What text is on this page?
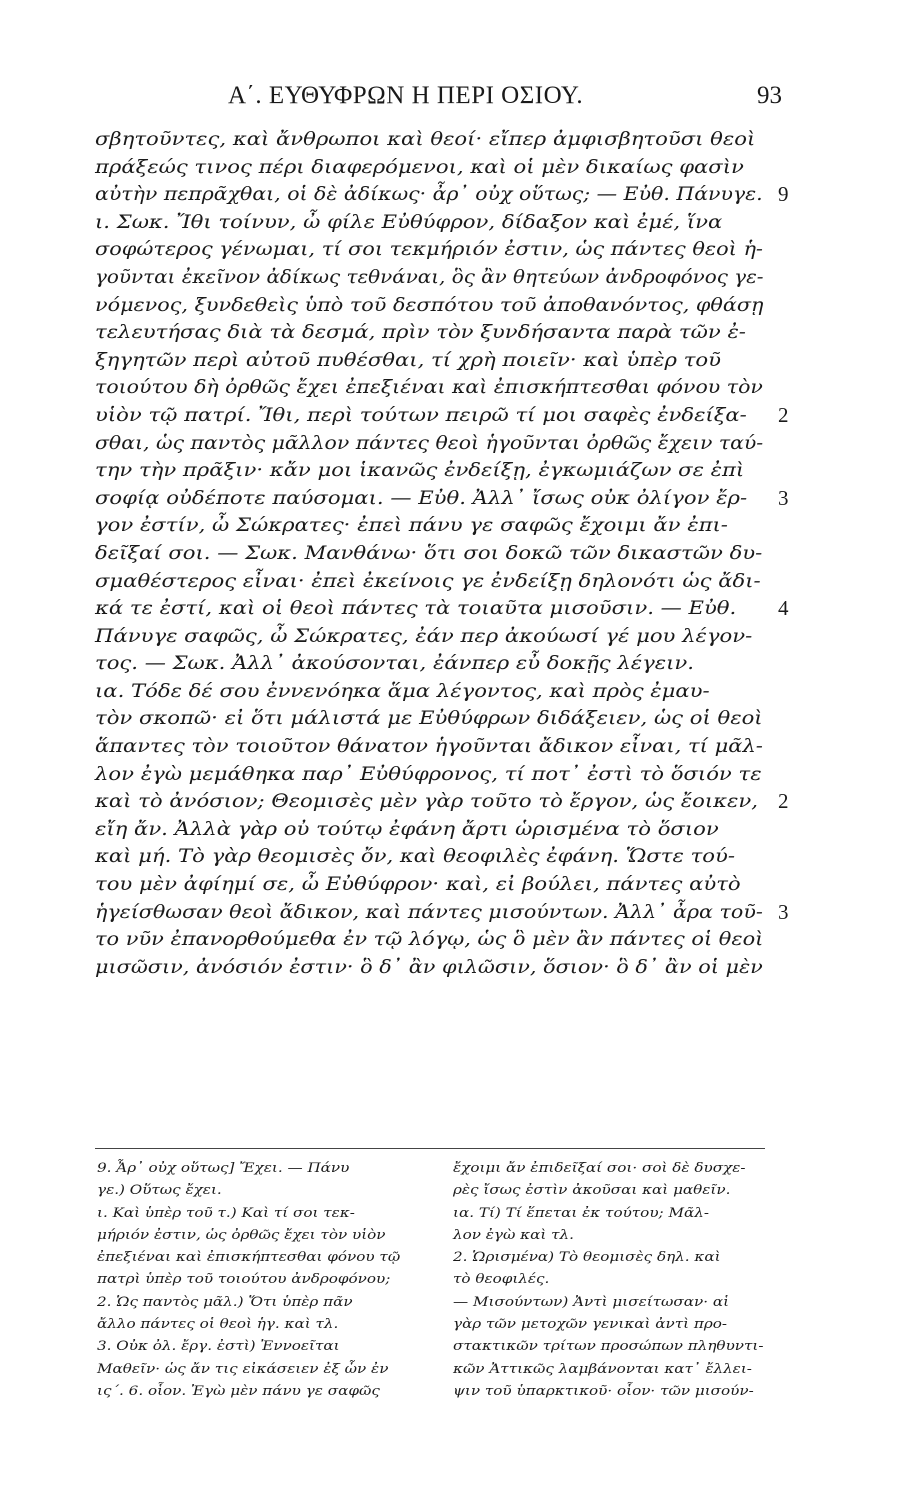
Α΄. ΕΥΘΥΦΡΩΝ Η ΠΕΡΙ ΟΣΙΟΥ.	93
σβητοῦντες, καὶ ἄνθρωποι καὶ θεοί· εἴπερ ἀμφισβητοῦσι θεοὶ
πράξεώς τινος πέρι διαφερόμενοι, καὶ οἱ μὲν δικαίως φασὶν
αὐτὴν πεπρᾶχθαι, οἱ δὲ ἀδίκως· ἆρ᾽ οὐχ οὕτως; — Εὐθ. Πάνυγε. 9
ι. Σωκ. Ἴθι τοίνυν, ὦ φίλε Εὐθύφρον, δίδαξον καὶ ἐμέ, ἵνα
σοφώτερος γένωμαι, τί σοι τεκμήριόν ἐστιν, ὡς πάντες θεοὶ ἡ-
γοῦνται ἐκεῖνον ἀδίκως τεθνάναι, ὃς ἂν θητεύων ἀνδροφόνος γε-
νόμενος, ξυνδεθεὶς ὑπὸ τοῦ δεσπότου τοῦ ἀποθανόντος, φθάσῃ
τελευτήσας διὰ τὰ δεσμά, πρὶν τὸν ξυνδήσαντα παρὰ τῶν ἐ-
ξηγητῶν περὶ αὐτοῦ πυθέσθαι, τί χρὴ ποιεῖν· καὶ ὑπὲρ τοῦ
τοιούτου δὴ ὀρθῶς ἔχει ἐπεξιέναι καὶ ἐπισκήπτεσθαι φόνου τὸν
υἱὸν τῷ πατρί. Ἴθι, περὶ τούτων πειρῶ τί μοι σαφὲς ἐνδείξα- 2
σθαι, ὡς παντὸς μᾶλλον πάντες θεοὶ ἡγοῦνται ὀρθῶς ἔχειν ταύ-
την τὴν πρᾶξιν· κἄν μοι ἱκανῶς ἐνδείξῃ, ἐγκωμιάζων σε ἐπὶ
σοφίᾳ οὐδέποτε παύσομαι. — Εὐθ. Ἀλλ᾽ ἴσως οὐκ ὀλίγον ἔρ- 3
γον ἐστίν, ὦ Σώκρατες· ἐπεὶ πάνυ γε σαφῶς ἔχοιμι ἄν ἐπι-
δεῖξαί σοι. — Σωκ. Μανθάνω· ὅτι σοι δοκῶ τῶν δικαστῶν δυ-
σμαθέστερος εἶναι· ἐπεὶ ἐκείνοις γε ἐνδείξῃ δηλονότι ὡς ἄδι-
κά τε ἐστί, καὶ οἱ θεοὶ πάντες τὰ τοιαῦτα μισοῦσιν. — Εὐθ. 4
Πάνυγε σαφῶς, ὦ Σώκρατες, ἐάν περ ἀκούωσί γέ μου λέγον-
τος. — Σωκ. Ἀλλ᾽ ἀκούσονται, ἐάνπερ εὖ δοκῇς λέγειν.
ια. Τόδε δέ σου ἐννενόηκα ἅμα λέγοντος, καὶ πρὸς ἐμαυ-
τὸν σκοπῶ· εἰ ὅτι μάλιστά με Εὐθύφρων διδάξειεν, ὡς οἱ θεοὶ
ἅπαντες τὸν τοιοῦτον θάνατον ἡγοῦνται ἄδικον εἶναι, τί μᾶλ-
λον ἐγὼ μεμάθηκα παρ᾽ Εὐθύφρονος, τί ποτ᾽ ἐστὶ τὸ ὅσιόν τε
καὶ τὸ ἀνόσιον; Θεομισὲς μὲν γὰρ τοῦτο τὸ ἔργον, ὡς ἔοικεν, 2
εἴη ἄν. Ἀλλὰ γὰρ οὐ τούτῳ ἐφάνη ἄρτι ὡρισμένα τὸ ὅσιον
καὶ μή. Τὸ γὰρ θεομισὲς ὄν, καὶ θεοφιλὲς ἐφάνη. Ὥστε τού-
του μὲν ἀφίημί σε, ὦ Εὐθύφρον· καὶ, εἰ βούλει, πάντες αὐτὸ
ἡγείσθωσαν θεοὶ ἄδικον, καὶ πάντες μισούντων. Ἀλλ᾽ ἆρα τοῦ- 3
το νῦν ἐπανορθούμεθα ἐν τῷ λόγῳ, ὡς ὃ μὲν ἂν πάντες οἱ θεοὶ
μισῶσιν, ἀνόσιόν ἐστιν· ὃ δ᾽ ἂν φιλῶσιν, ὅσιον· ὃ δ᾽ ἂν οἱ μὲν
9. Ἆρ᾽ οὐχ οὕτως] Ἔχει. — Πάνυ
γε.) Οὕτως ἔχει.
ι. Καὶ ὑπὲρ τοῦ τ.) Καὶ τί σοι τεκ-
μήριόν ἐστιν, ὡς ὀρθῶς ἔχει τὸν υἱὸν
ἐπεξιέναι καὶ ἐπισκήπτεσθαι φόνου τῷ
πατρὶ ὑπὲρ τοῦ τοιούτου ἀνδροφόνου;
2. Ὡς παντὸς μᾶλ.) Ὅτι ὑπὲρ πᾶν
ἄλλο πάντες οἱ θεοὶ ἡγ. καὶ τλ.
3. Οὐκ ὀλ. ἔργ. ἐστὶ) Ἐννοεῖται
Μαθεῖν· ὡς ἄν τις εἰκάσειεν ἐξ ὧν ἐν
ις΄. 6. οἷον. Ἐγὼ μὲν πάνυ γε σαφῶς
ἔχοιμι ἄν ἐπιδεῖξαί σοι· σοὶ δὲ δυσχε-
ρὲς ἴσως ἐστὶν ἀκοῦσαι καὶ μαθεῖν.
ια. Τί) Τί ἕπεται ἐκ τούτου; Μᾶλ-
λον ἐγὼ καὶ τλ.
2. Ὡρισμένα) Τὸ θεομισὲς δηλ. καὶ
τὸ θεοφιλές.
— Μισούντων) Ἀντὶ μισείτωσαν· αἱ
γὰρ τῶν μετοχῶν γενικαὶ ἀντὶ προ-
στακτικῶν τρίτων προσώπων πληθυντι-
κῶν Ἀττικῶς λαμβάνονται κατ᾽ ἔλλει-
ψιν τοῦ ὑπαρκτικοῦ· οἷον· τῶν μισούν-
